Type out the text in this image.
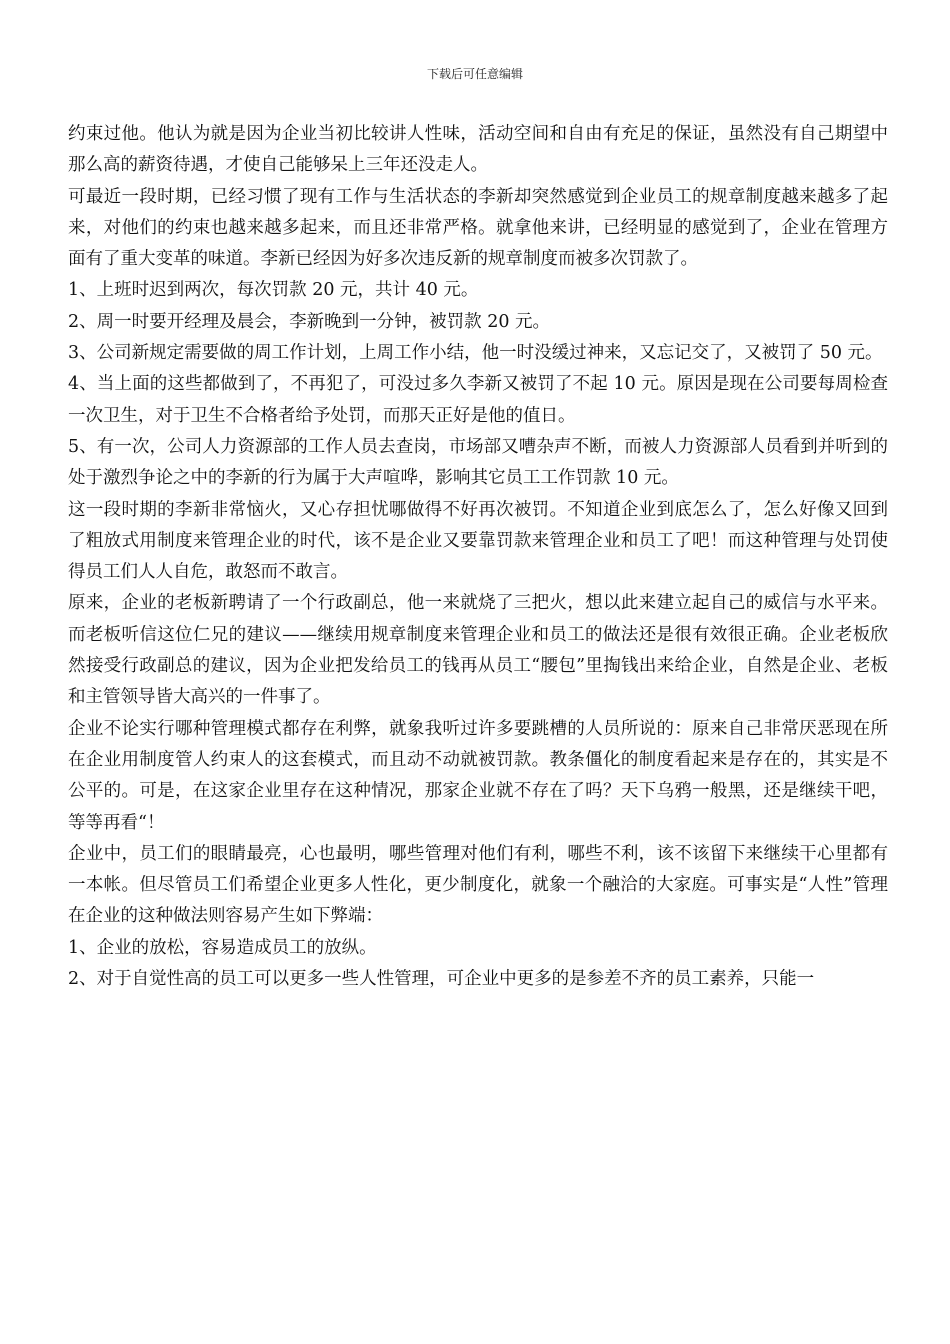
下载后可任意编辑

约束过他。他认为就是因为企业当初比较讲人性味，活动空间和自由有充足的保证，虽然没有自己期望中那么高的薪资待遇，才使自己能够呆上三年还没走人。

可最近一段时期，已经习惯了现有工作与生活状态的李新却突然感觉到企业员工的规章制度越来越多了起来，对他们的约束也越来越多起来，而且还非常严格。就拿他来讲，已经明显的感觉到了，企业在管理方面有了重大变革的味道。李新已经因为好多次违反新的规章制度而被多次罚款了。

1、上班时迟到两次，每次罚款 20 元，共计 40 元。

2、周一时要开经理及晨会，李新晚到一分钟，被罚款 20 元。

3、公司新规定需要做的周工作计划，上周工作小结，他一时没缓过神来，又忘记交了，又被罚了 50 元。

4、当上面的这些都做到了，不再犯了，可没过多久李新又被罚了不起 10 元。原因是现在公司要每周检查一次卫生，对于卫生不合格者给予处罚，而那天正好是他的值日。

5、有一次，公司人力资源部的工作人员去查岗，市场部又嘈杂声不断，而被人力资源部人员看到并听到的处于激烈争论之中的李新的行为属于大声喧哗，影响其它员工工作罚款 10 元。

这一段时期的李新非常恼火，又心存担忧哪做得不好再次被罚。不知道企业到底怎么了，怎么好像又回到了粗放式用制度来管理企业的时代，该不是企业又要靠罚款来管理企业和员工了吧！而这种管理与处罚使得员工们人人自危，敢怒而不敢言。

原来，企业的老板新聘请了一个行政副总，他一来就烧了三把火，想以此来建立起自己的威信与水平来。而老板听信这位仁兄的建议——继续用规章制度来管理企业和员工的做法还是很有效很正确。企业老板欣然接受行政副总的建议，因为企业把发给员工的钱再从员工“腰包”里掏钱出来给企业，自然是企业、老板和主管领导皆大高兴的一件事了。

企业不论实行哪种管理模式都存在利弊，就象我听过许多要跳槽的人员所说的：原来自己非常厌恶现在所在企业用制度管人约束人的这套模式，而且动不动就被罚款。教条僵化的制度看起来是存在的，其实是不公平的。可是，在这家企业里存在这种情况，那家企业就不存在了吗？天下乌鸦一般黑，还是继续干吧，等等再看“！

企业中，员工们的眼睛最亮，心也最明，哪些管理对他们有利，哪些不利，该不该留下来继续干心里都有一本帐。但尽管员工们希望企业更多人性化，更少制度化，就象一个融洽的大家庭。可事实是“人性”管理在企业的这种做法则容易产生如下弊端：

1、企业的放松，容易造成员工的放纵。

2、对于自觉性高的员工可以更多一些人性管理，可企业中更多的是参差不齐的员工素养，只能一
